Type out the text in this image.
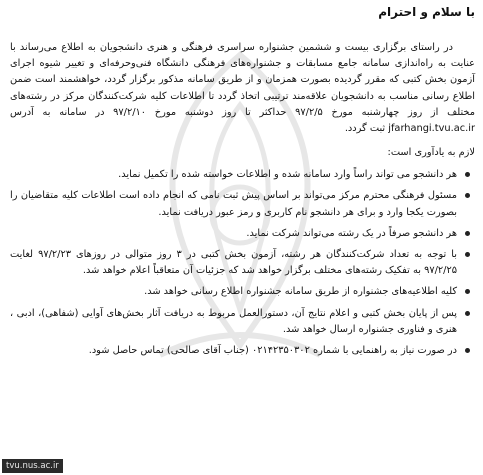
با سلام و احترام

در راستای برگزاری بیست و ششمین جشنواره سراسری فرهنگی و هنری دانشجویان به اطلاع می‌رساند با عنایت به راه‌اندازی سامانه جامع مسابقات و جشنواره‌های فرهنگی دانشگاه فنی‌وحرفه‌ای و تغییر شیوه اجرای آزمون بخش کتبی که مقرر گردیده بصورت همزمان و از طریق سامانه مذکور برگزار گردد، خواهشمند است ضمن اطلاع رسانی مناسب به دانشجویان علاقه‌مند ترتیبی اتخاذ گردد تا اطلاعات کلیه شرکت‌کنندگان مرکز در رشته‌های مختلف از روز چهارشنبه مورخ ۹۷/۲/۵ حداکثر تا روز دوشنبه مورخ ۹۷/۲/۱۰ در سامانه به آدرس jfarhangi.tvu.ac.ir ثبت گردد.

لازم به یادآوری است:
هر دانشجو می تواند راساً وارد سامانه شده و اطلاعات خواسته شده را تکمیل نماید.
مسئول فرهنگی محترم مرکز می‌تواند بر اساس پیش ثبت نامی که انجام داده است اطلاعات کلیه متقاضیان را بصورت یکجا وارد و برای هر دانشجو نام کاربری و رمز عبور دریافت نماید.
هر دانشجو صرفاً در یک رشته می‌تواند شرکت نماید.
با توجه به تعداد شرکت‌کنندگان هر رشته، آزمون بخش کتبی در ۳ روز متوالی در روزهای ۹۷/۲/۲۳ لغایت ۹۷/۲/۲۵ به تفکیک رشته‌های مختلف برگزار خواهد شد که جزئیات آن متعاقباً اعلام خواهد شد.
کلیه اطلاعیه‌های جشنواره از طریق سامانه جشنواره اطلاع رسانی خواهد شد.
پس از پایان بخش کتبی و اعلام نتایج آن، دستورالعمل مربوط به دریافت آثار بخش‌های آوایی (شفاهی)، ادبی ، هنری و فناوری جشنواره ارسال خواهد شد.
در صورت نیاز به راهنمایی با شماره ۰۲۱۴۲۳۵۰۳۰۲ (جناب آقای صالحی) تماس حاصل شود.
tvu.nus.ac.ir
